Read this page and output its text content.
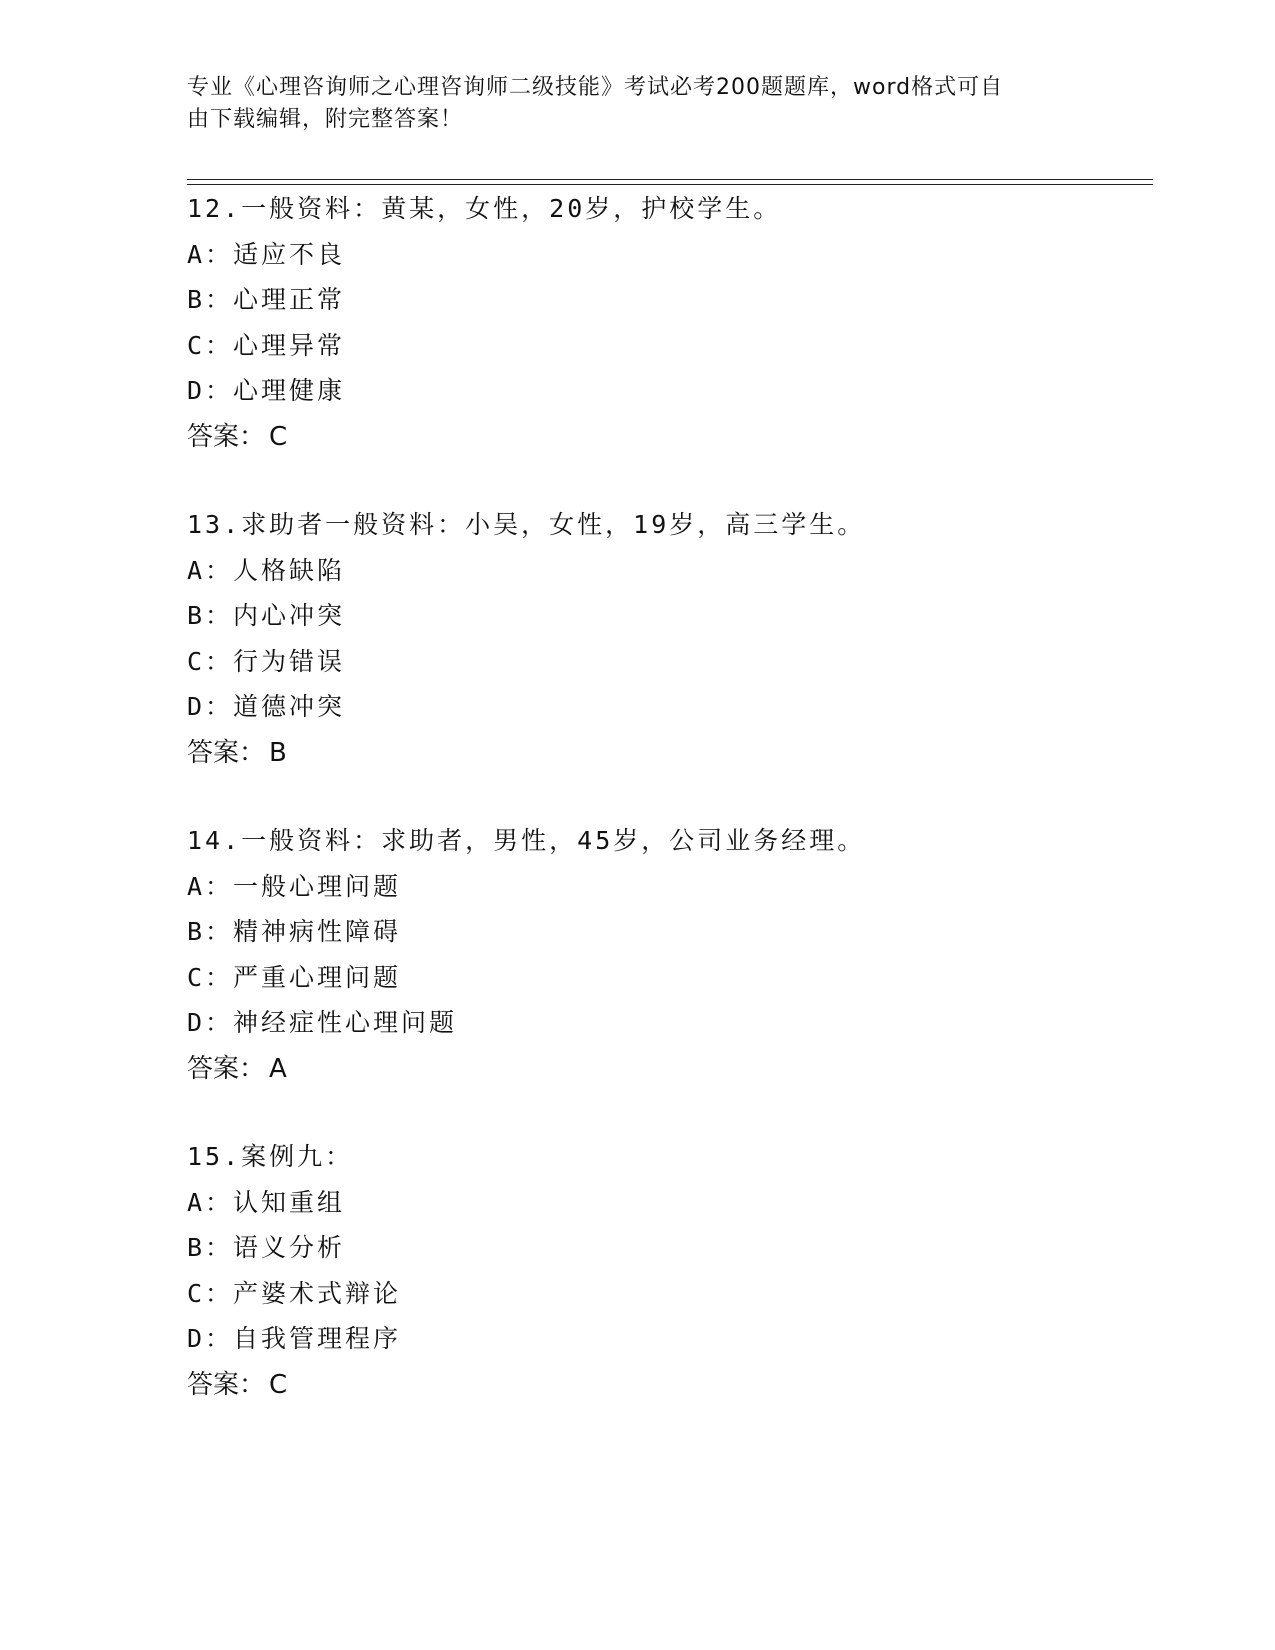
专业《心理咨询师之心理咨询师二级技能》考试必考200题题库，word格式可自
由下载编辑，附完整答案！
12.一般资料：黄某，女性，20岁，护校学生。
A：适应不良
B：心理正常
C：心理异常
D：心理健康
答案： C
13.求助者一般资料：小吴，女性，19岁，高三学生。
A：人格缺陷
B：内心冲突
C：行为错误
D：道德冲突
答案： B
14.一般资料：求助者，男性，45岁，公司业务经理。
A：一般心理问题
B：精神病性障碍
C：严重心理问题
D：神经症性心理问题
答案： A
15.案例九：
A：认知重组
B：语义分析
C：产婆术式辩论
D：自我管理程序
答案： C
